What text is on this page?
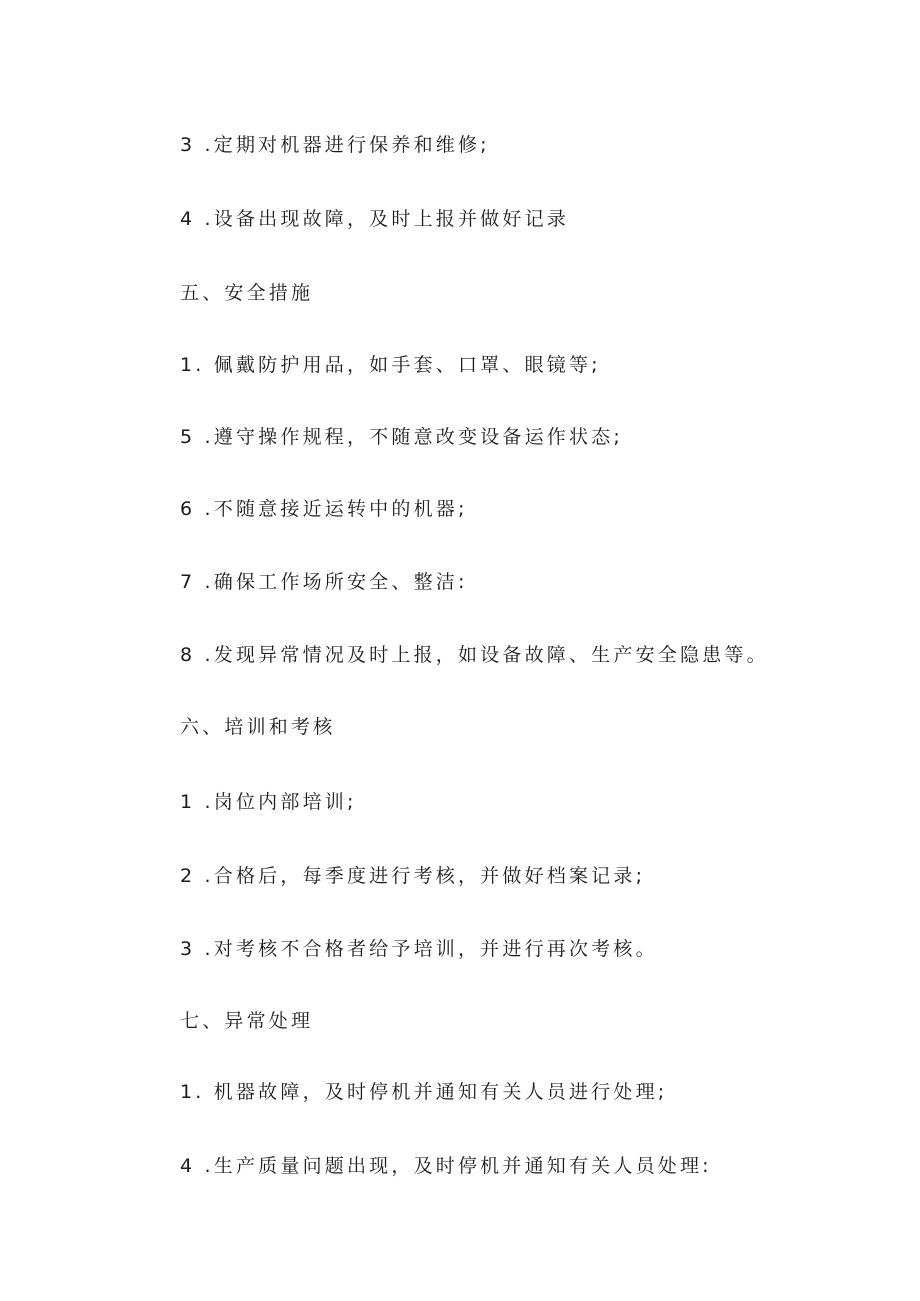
3 .定期对机器进行保养和维修;
4 .设备出现故障，及时上报并做好记录
五、安全措施
1. 佩戴防护用品，如手套、口罩、眼镜等;
5 .遵守操作规程，不随意改变设备运作状态;
6 .不随意接近运转中的机器;
7 .确保工作场所安全、整洁:
8 .发现异常情况及时上报，如设备故障、生产安全隐患等。
六、培训和考核
1 .岗位内部培训;
2 .合格后，每季度进行考核，并做好档案记录;
3 .对考核不合格者给予培训，并进行再次考核。
七、异常处理
1. 机器故障，及时停机并通知有关人员进行处理;
4 .生产质量问题出现，及时停机并通知有关人员处理:
